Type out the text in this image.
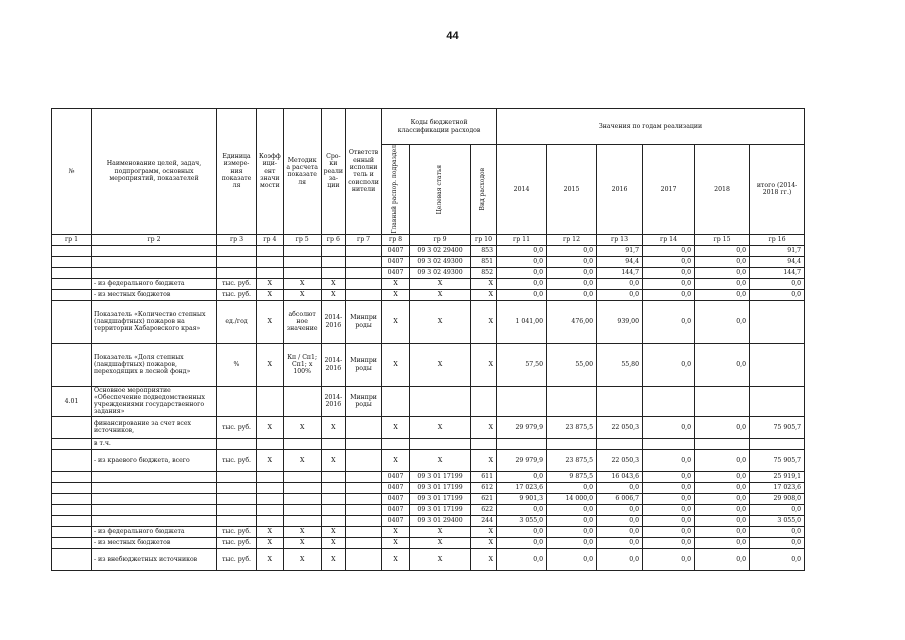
44
№	Наименование целей, задач, подпрограмм, основных мероприятий, показателей	Единица измере- ния показате ля	Коэфф ици- ент значи мости	Методик а расчета показате ля	Сро- ки реали за- ции	Ответств енный исполни тель и соисполи нители	Коды бюджетной классификации расходов			Значения по годам реализации					

							Главный распор. подраздел	Целевая статья	Вид расходов	2014	2015	2016	2017	2018	итого (2014-2018 гг.)
гр 1	гр 2	гр 3	гр 4	гр 5	гр 6	гр 7	гр 8	гр 9	гр 10	гр 11	гр 12	гр 13	гр 14	гр 15	гр 16
							0407	09 3 02 29400	853	0,0	0,0	91,7	0,0	0,0	91,7
							0407	09 3 02 49300	851	0,0	0,0	94,4	0,0	0,0	94,4
							0407	09 3 02 49300	852	0,0	0,0	144,7	0,0	0,0	144,7
	- из федерального бюджета	тыс. руб.	X	X	X		X	X	X	0,0	0,0	0,0	0,0	0,0	0,0
	- из местных бюджетов	тыс. руб.	X	X	X		X	X	X	0,0	0,0	0,0	0,0	0,0	0,0
	Показатель «Количество степных (ландшафтных) пожаров на территории Хабаровского края»	ед./год	X	абсолют ное значение	2014-2016	Минпри роды	X	X	X	1 041,00	476,00	939,00	0,0	0,0	
	Показатель «Доля степных (ландшафтных) пожаров, переходящих в лесной фонд»	%	X	Кп / Сп1; Сп1; х 100%	2014-2016	Минпри роды	X	X	X	57,50	55,00	55,80	0,0	0,0	
4.01	Основное мероприятие «Обеспечение подведомственных учреждениями государственного задания»				2014-2016	Минпри роды									
	финансирование за счет всех источников,	тыс. руб.	X	X	X		X	X	X	29 979,9	23 875,5	22 050,3	0,0	0,0	75 905,7
	в т.ч.														
	- из краевого бюджета, всего	тыс. руб.	X	X	X		X	X	X	29 979,9	23 875,5	22 050,3	0,0	0,0	75 905,7
							0407	09 3 01 17199	611	0,0	9 875,5	16 043,6	0,0	0,0	25 919,1
							0407	09 3 01 17199	612	17 023,6	0,0	0,0	0,0	0,0	17 023,6
							0407	09 3 01 17199	621	9 901,3	14 000,0	6 006,7	0,0	0,0	29 908,0
							0407	09 3 01 17199	622	0,0	0,0	0,0	0,0	0,0	0,0
							0407	09 3 01 29400	244	3 055,0	0,0	0,0	0,0	0,0	3 055,0
	- из федерального бюджета	тыс. руб.	X	X	X		X	X	X	0,0	0,0	0,0	0,0	0,0	0,0
	- из местных бюджетов	тыс. руб.	X	X	X		X	X	X	0,0	0,0	0,0	0,0	0,0	0,0
	- из внебюджетных источников	тыс. руб.	X	X	X		X	X	X	0,0	0,0	0,0	0,0	0,0	0,0
